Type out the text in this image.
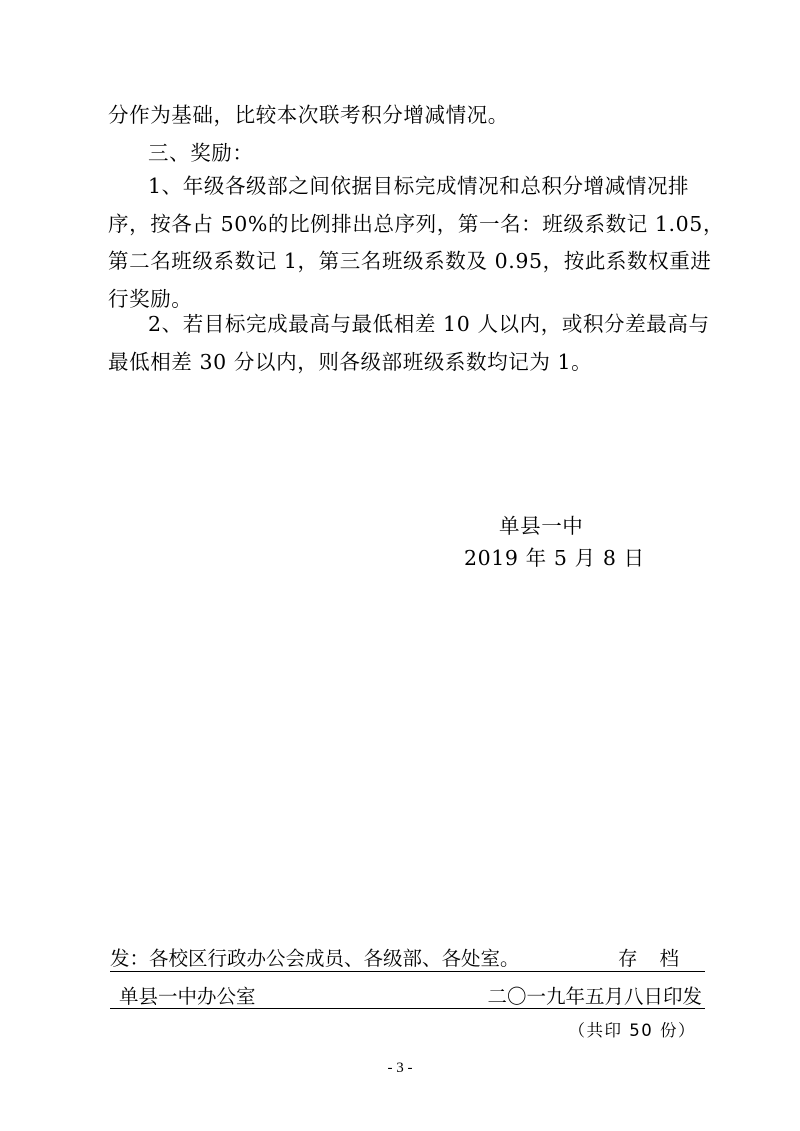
分作为基础，比较本次联考积分增减情况。

三、奖励：

1、年级各级部之间依据目标完成情况和总积分增减情况排
序，按各占 50%的比例排出总序列，第一名：班级系数记 1.05，
第二名班级系数记 1，第三名班级系数及 0.95，按此系数权重进
行奖励。
2、若目标完成最高与最低相差 10 人以内，或积分差最高与
最低相差 30 分以内，则各级部班级系数均记为 1。
单县一中
2019 年 5 月 8 日
发：各校区行政办公会成员、各级部、各处室。	存档
单县一中办公室	二〇一九年五月八日印发
（共印 50 份）
- 3 -
